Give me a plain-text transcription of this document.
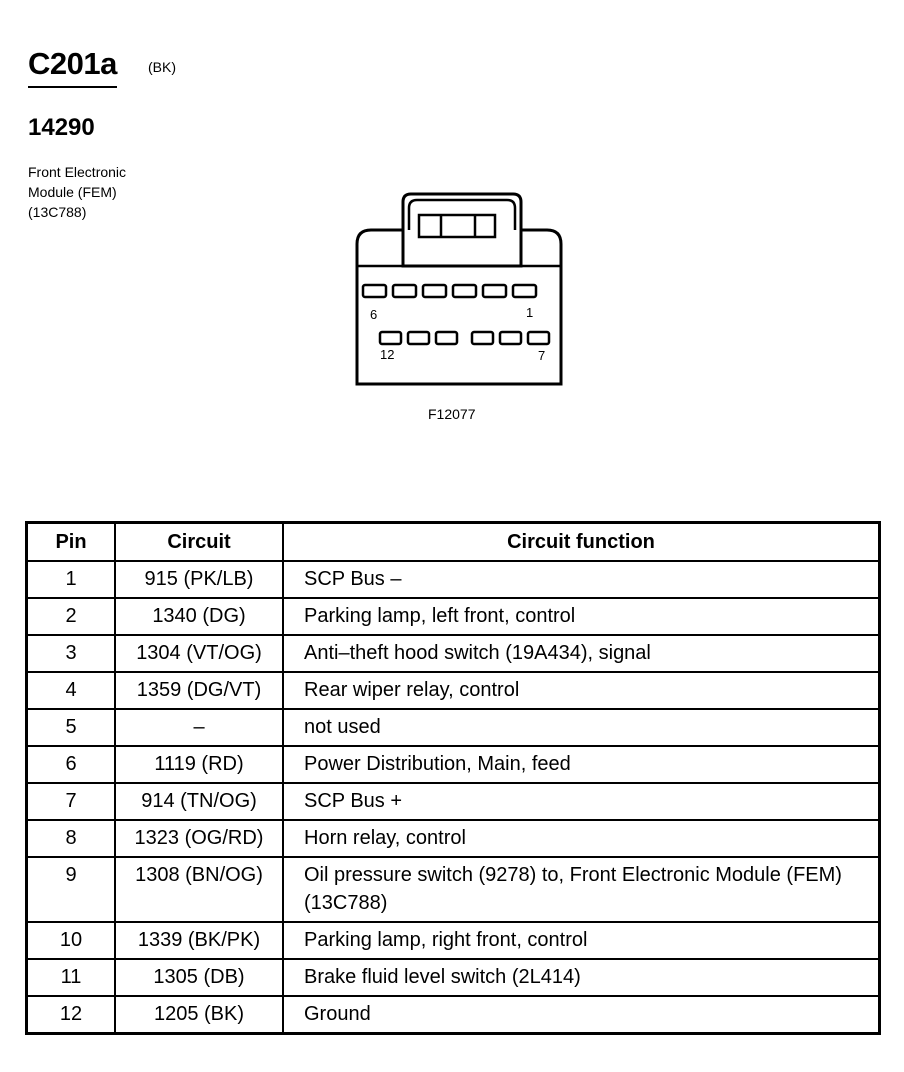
C201a (BK)
14290
Front Electronic
Module (FEM)
(13C788)
6	1
12	7
F12077
Pin	Circuit	Circuit function
1	915 (PK/LB)	SCP Bus –
2	1340 (DG)	Parking lamp, left front, control
3	1304 (VT/OG)	Anti–theft hood switch (19A434), signal
4	1359 (DG/VT)	Rear wiper relay, control
5	–	not used
6	1119 (RD)	Power Distribution, Main, feed
7	914 (TN/OG)	SCP Bus +
8	1323 (OG/RD)	Horn relay, control
9	1308 (BN/OG)	Oil pressure switch (9278) to, Front Electronic Module (FEM) (13C788)
10	1339 (BK/PK)	Parking lamp, right front, control
11	1305 (DB)	Brake fluid level switch (2L414)
12	1205 (BK)	Ground
